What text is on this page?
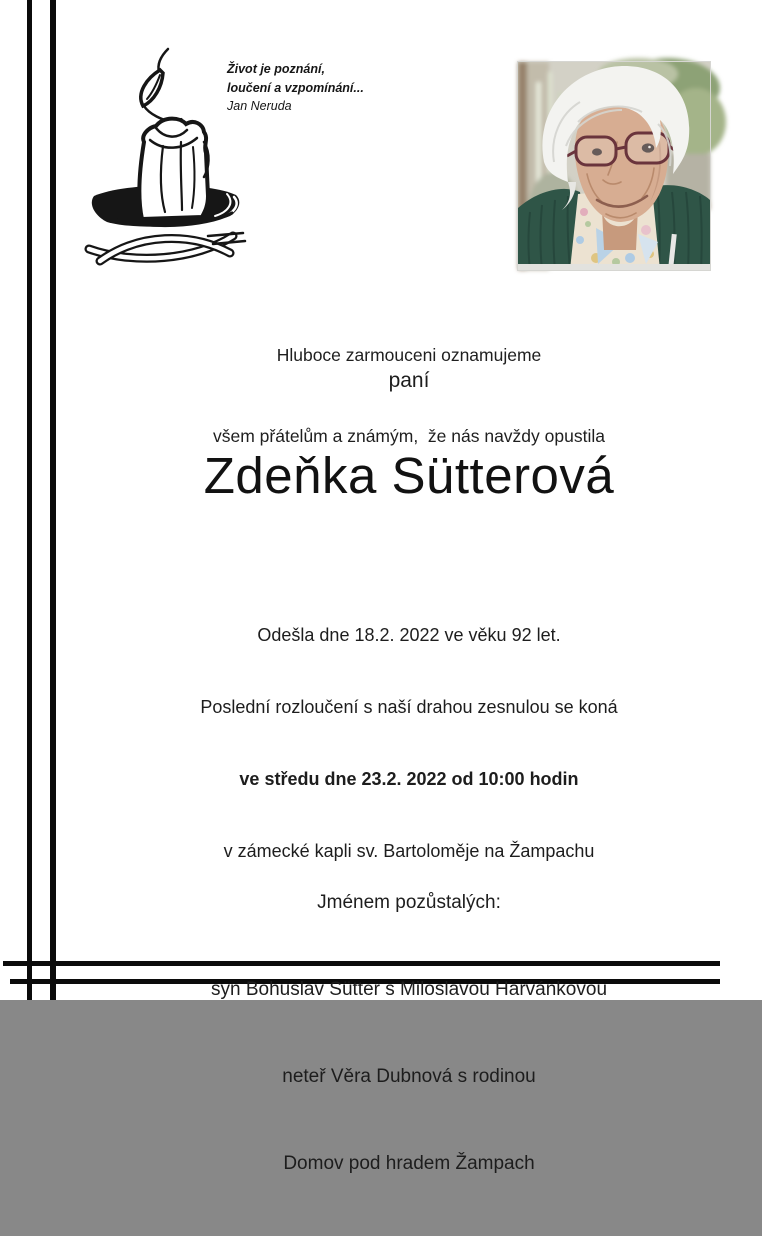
Život je poznání,
loučení a vzpomínání...
Jan Neruda

Hluboce zarmouceni oznamujeme

všem přátelům a známým,  že nás navždy opustila

paní
Zdeňka Sütterová

Odešla dne 18.2. 2022 ve věku 92 let.

Poslední rozloučení s naší drahou zesnulou se koná

ve středu dne 23.2. 2022 od 10:00 hodin

v zámecké kapli sv. Bartoloměje na Žampachu

Jménem pozůstalých:

syn Bohuslav Sütter s Miloslavou Harvánkovou

neteř Věra Dubnová s rodinou

Domov pod hradem Žampach
